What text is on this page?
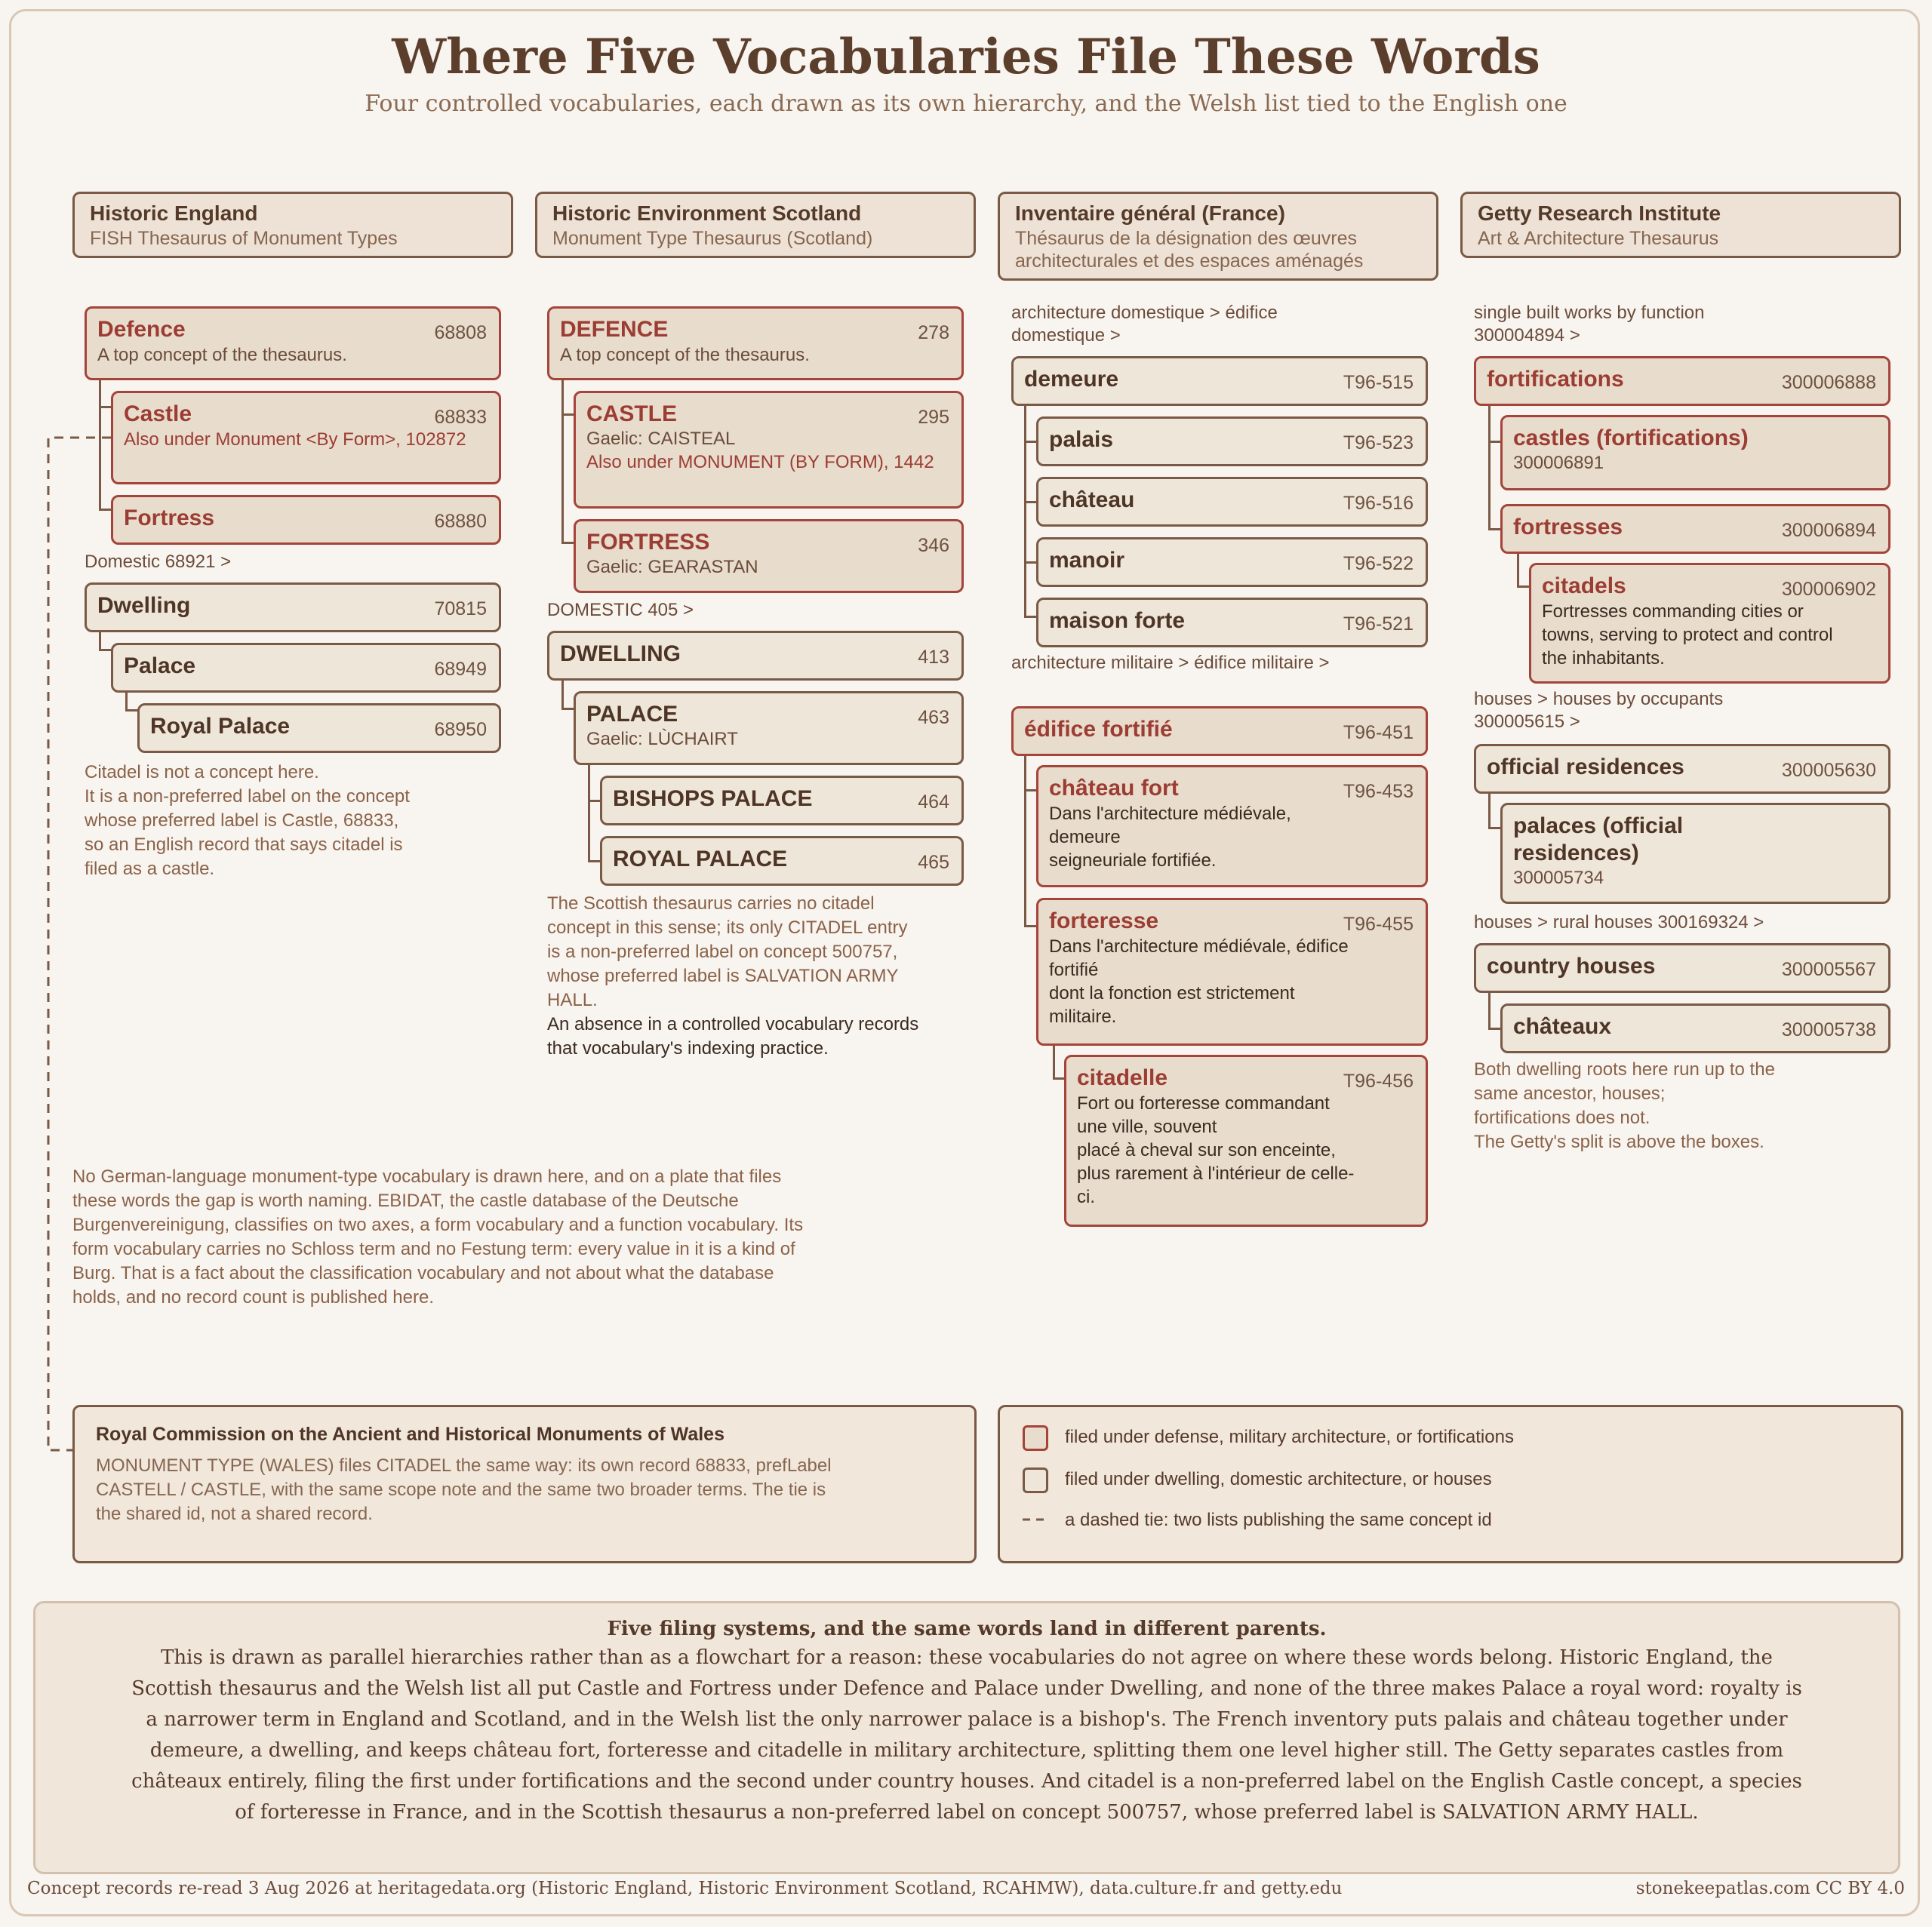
Where Five Vocabularies File These Words
Four controlled vocabularies, each drawn as its own hierarchy, and the Welsh list tied to the English one
Historic England
FISH Thesaurus of Monument Types
Historic Environment Scotland
Monument Type Thesaurus (Scotland)
Inventaire général (France)
Thésaurus de la désignation des œuvres architecturales et des espaces aménagés
Getty Research Institute
Art & Architecture Thesaurus
Defence	68808
A top concept of the thesaurus.
Castle	68833
Also under Monument <By Form>, 102872
Fortress	68880
Domestic 68921 >
Dwelling	70815
Palace	68949
Royal Palace	68950
Citadel is not a concept here.
It is a non-preferred label on the concept whose preferred label is Castle, 68833, so an English record that says citadel is filed as a castle.
DEFENCE	278
A top concept of the thesaurus.
CASTLE	295
Gaelic: CAISTEAL
Also under MONUMENT (BY FORM), 1442
FORTRESS	346
Gaelic: GEARASTAN
DOMESTIC 405 >
DWELLING	413
PALACE	463
Gaelic: LÙCHAIRT
BISHOPS PALACE	464
ROYAL PALACE	465
The Scottish thesaurus carries no citadel concept in this sense; its only CITADEL entry is a non-preferred label on concept 500757, whose preferred label is SALVATION ARMY HALL.
An absence in a controlled vocabulary records that vocabulary's indexing practice.
architecture domestique > édifice domestique >
demeure	T96-515
palais	T96-523
château	T96-516
manoir	T96-522
maison forte	T96-521
architecture militaire > édifice militaire >
édifice fortifié	T96-451
château fort	T96-453
Dans l'architecture médiévale, demeure
seigneuriale fortifiée.
forteresse	T96-455
Dans l'architecture médiévale, édifice fortifié
dont la fonction est strictement militaire.
citadelle	T96-456
Fort ou forteresse commandant une ville, souvent
placé à cheval sur son enceinte, plus rarement à l'intérieur de celle-ci.
single built works by function 300004894 >
fortifications	300006888
castles (fortifications)
300006891
fortresses	300006894
citadels	300006902
Fortresses commanding cities or towns, serving to protect and control the inhabitants.
houses > houses by occupants 300005615 >
official residences	300005630
palaces (official residences)
300005734
houses > rural houses 300169324 >
country houses	300005567
châteaux	300005738
Both dwelling roots here run up to the same ancestor, houses;
fortifications does not.
The Getty's split is above the boxes.
No German-language monument-type vocabulary is drawn here, and on a plate that files these words the gap is worth naming. EBIDAT, the castle database of the Deutsche Burgenvereinigung, classifies on two axes, a form vocabulary and a function vocabulary. Its form vocabulary carries no Schloss term and no Festung term: every value in it is a kind of Burg. That is a fact about the classification vocabulary and not about what the database holds, and no record count is published here.
Royal Commission on the Ancient and Historical Monuments of Wales
MONUMENT TYPE (WALES) files CITADEL the same way: its own record 68833, prefLabel CASTELL / CASTLE, with the same scope note and the same two broader terms. The tie is the shared id, not a shared record.
filed under defense, military architecture, or fortifications
filed under dwelling, domestic architecture, or houses
a dashed tie: two lists publishing the same concept id
Five filing systems, and the same words land in different parents.
This is drawn as parallel hierarchies rather than as a flowchart for a reason: these vocabularies do not agree on where these words belong. Historic England, the Scottish thesaurus and the Welsh list all put Castle and Fortress under Defence and Palace under Dwelling, and none of the three makes Palace a royal word: royalty is a narrower term in England and Scotland, and in the Welsh list the only narrower palace is a bishop's. The French inventory puts palais and château together under demeure, a dwelling, and keeps château fort, forteresse and citadelle in military architecture, splitting them one level higher still. The Getty separates castles from châteaux entirely, filing the first under fortifications and the second under country houses. And citadel is a non-preferred label on the English Castle concept, a species of forteresse in France, and in the Scottish thesaurus a non-preferred label on concept 500757, whose preferred label is SALVATION ARMY HALL.
Concept records re-read 3 Aug 2026 at heritagedata.org (Historic England, Historic Environment Scotland, RCAHMW), data.culture.fr and getty.edu	stonekeepatlas.com CC BY 4.0
